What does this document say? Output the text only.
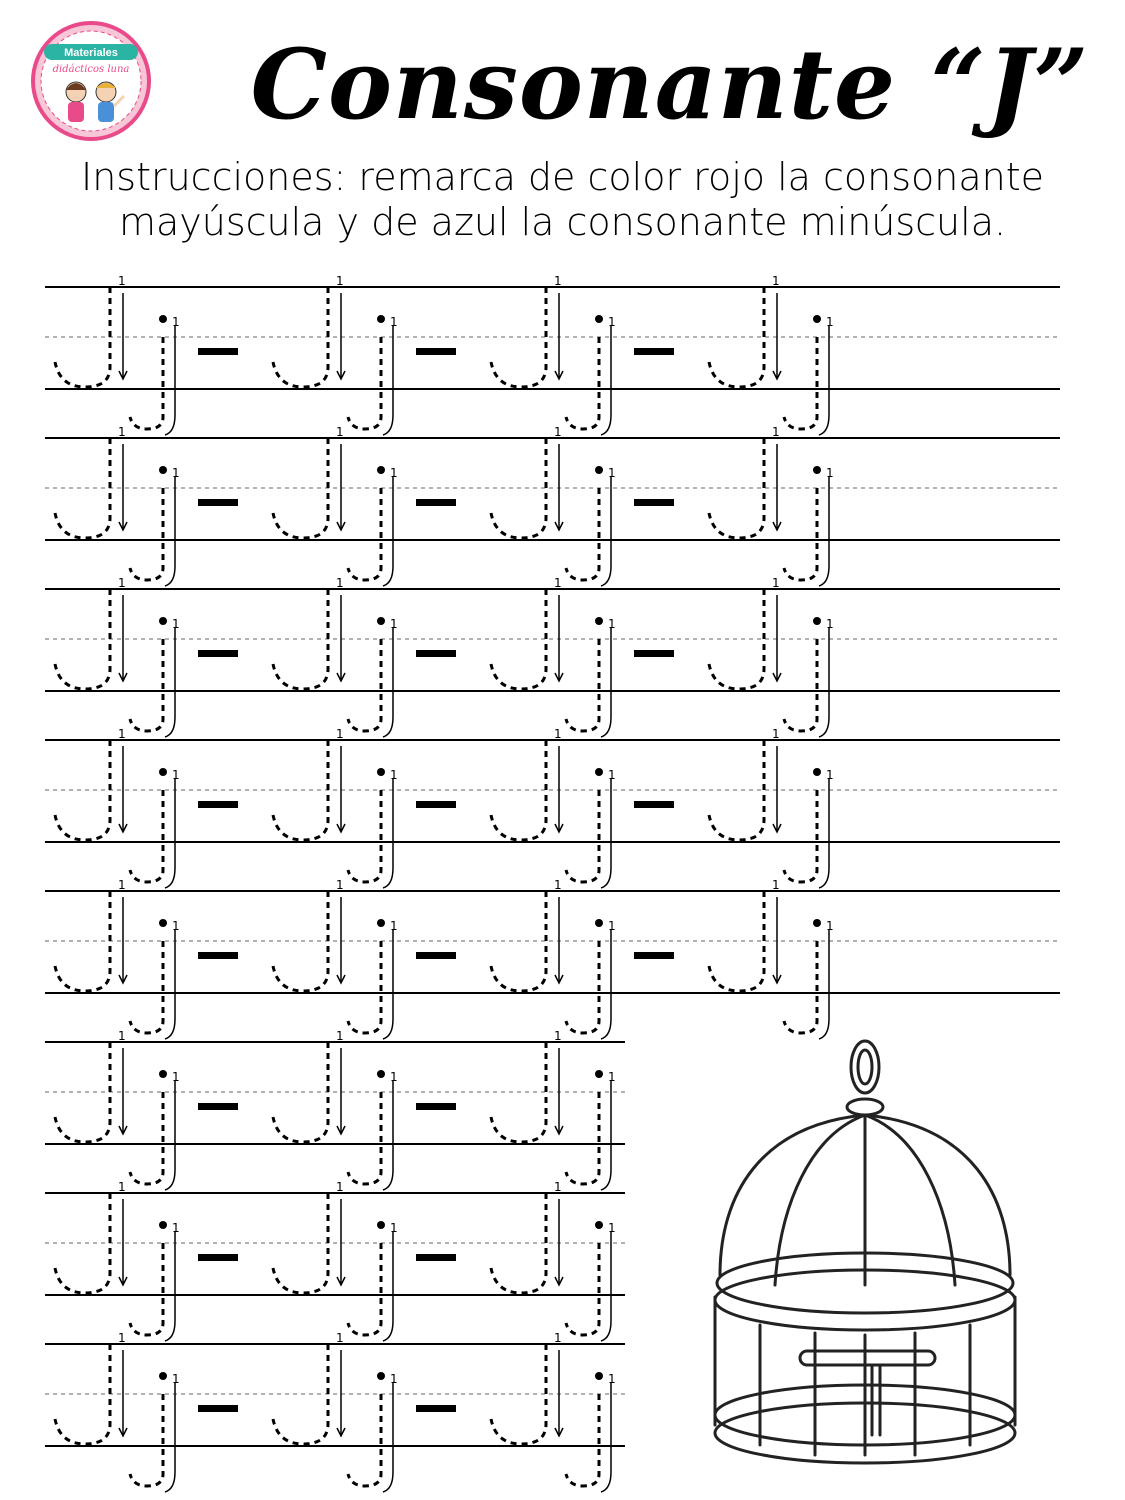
Materiales
didácticos luna Consonante “J”
Instrucciones: remarca de color rojo la consonante
mayúscula y de azul la consonante minúscula.
1
1
1
1
1
1
1
1
1
1
1
1
1
1
1
1
1
1
1
1
1
1
1
1
1
1
1
1
1
1
1
1
1
1
1
1
1
1
1
1
1
1
1
1
1
1
1
1
1
1
1
1
1
1
1
1
1
1
